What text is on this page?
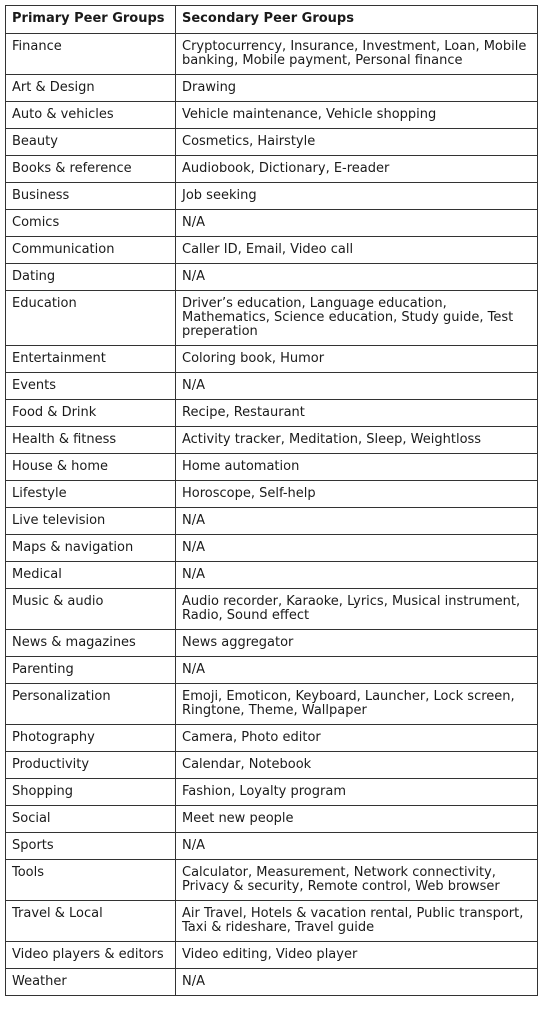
Primary Peer Groups	Secondary Peer Groups
Finance	Cryptocurrency, Insurance, Investment, Loan, Mobile banking, Mobile payment, Personal finance
Art & Design	Drawing
Auto & vehicles	Vehicle maintenance, Vehicle shopping
Beauty	Cosmetics, Hairstyle
Books & reference	Audiobook, Dictionary, E-reader
Business	Job seeking
Comics	N/A
Communication	Caller ID, Email, Video call
Dating	N/A
Education	Driver’s education, Language education, Mathematics, Science education, Study guide, Test preperation
Entertainment	Coloring book, Humor
Events	N/A
Food & Drink	Recipe, Restaurant
Health & fitness	Activity tracker, Meditation, Sleep, Weightloss
House & home	Home automation
Lifestyle	Horoscope, Self-help
Live television	N/A
Maps & navigation	N/A
Medical	N/A
Music & audio	Audio recorder, Karaoke, Lyrics, Musical instrument, Radio, Sound effect
News & magazines	News aggregator
Parenting	N/A
Personalization	Emoji, Emoticon, Keyboard, Launcher, Lock screen, Ringtone, Theme, Wallpaper
Photography	Camera, Photo editor
Productivity	Calendar, Notebook
Shopping	Fashion, Loyalty program
Social	Meet new people
Sports	N/A
Tools	Calculator, Measurement, Network connectivity, Privacy & security, Remote control, Web browser
Travel & Local	Air Travel, Hotels & vacation rental, Public transport, Taxi & rideshare, Travel guide
Video players & editors	Video editing, Video player
Weather	N/A
